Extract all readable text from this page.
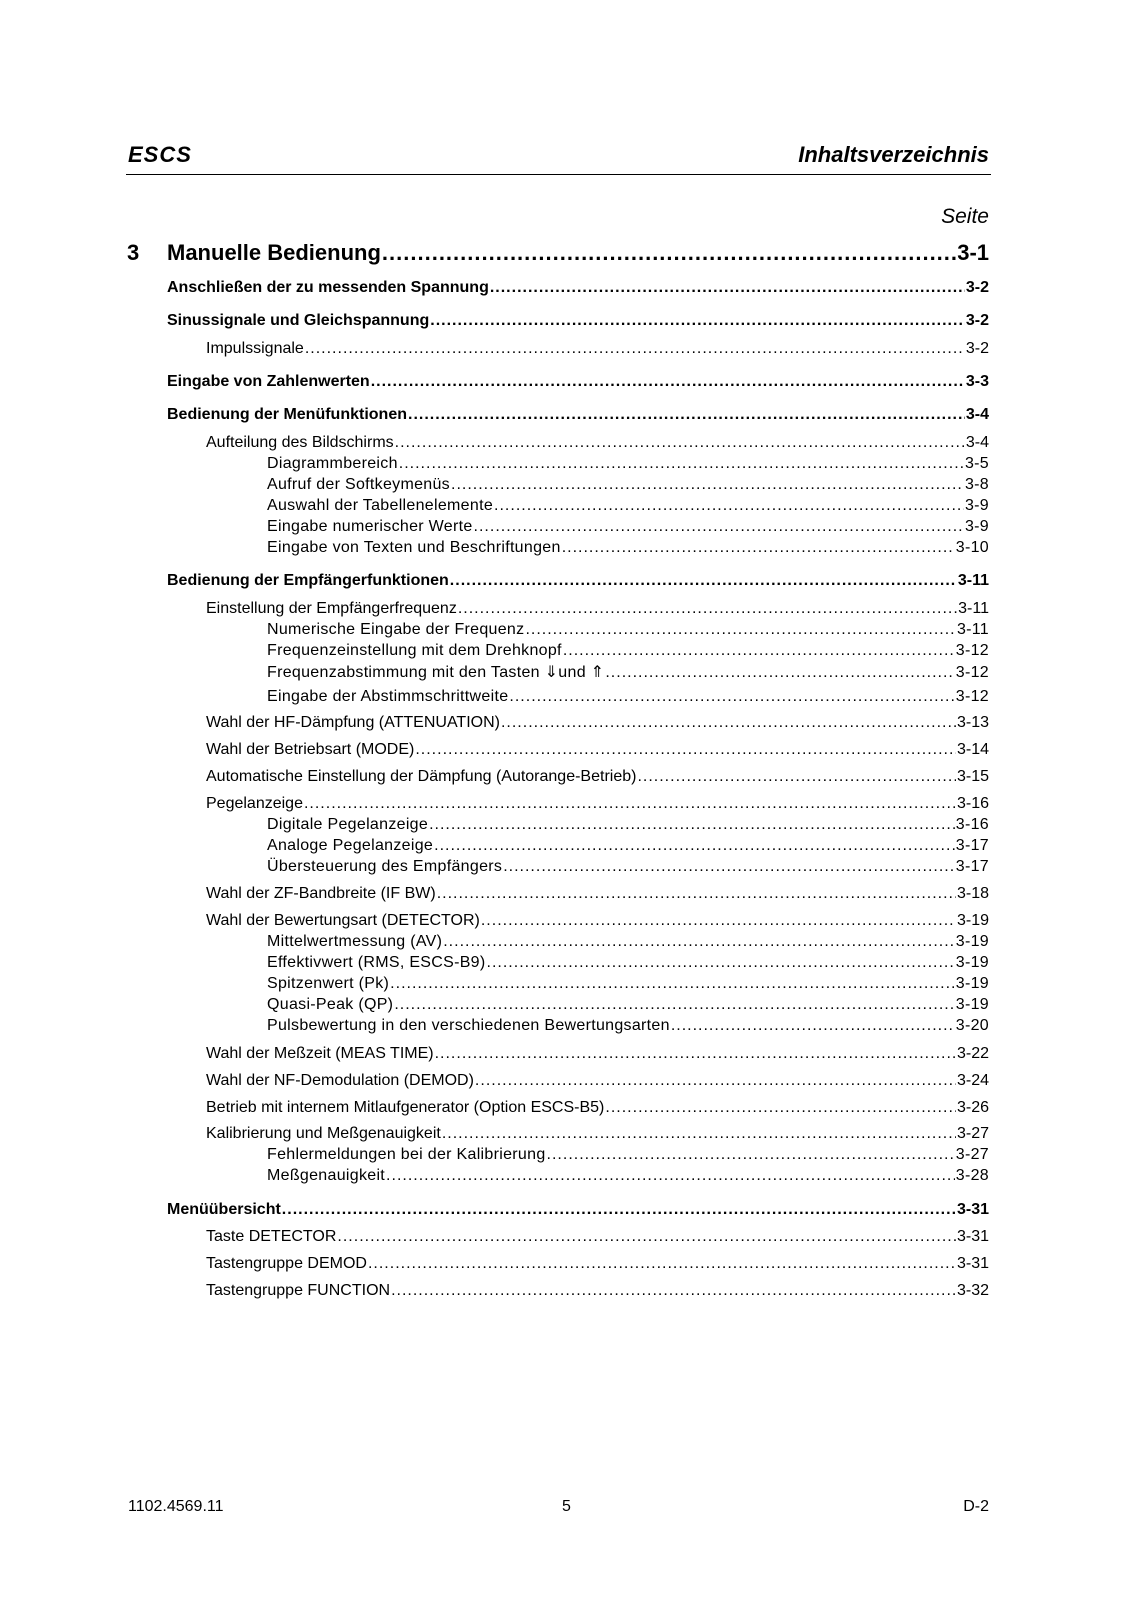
ESCS	Inhaltsverzeichnis
Seite
3 Manuelle Bedienung .....	3-1
Anschließen der zu messenden Spannung .....	3-2
Sinussignale und Gleichspannung .....	3-2
Impulssignale .....	3-2
Eingabe von Zahlenwerten .....	3-3
Bedienung der Menüfunktionen .....	3-4
Aufteilung des Bildschirms .....	3-4
Diagrammbereich .....	3-5
Aufruf der Softkeymenüs .....	3-8
Auswahl der Tabellenelemente .....	3-9
Eingabe numerischer Werte .....	3-9
Eingabe von Texten und Beschriftungen .....	3-10
Bedienung der Empfängerfunktionen .....	3-11
Einstellung der Empfängerfrequenz .....	3-11
Numerische Eingabe der Frequenz .....	3-11
Frequenzeinstellung mit dem Drehknopf .....	3-12
Frequenzabstimmung mit den Tasten ⇓und ⇑ .....	3-12
Eingabe der Abstimmschrittweite .....	3-12
Wahl der HF-Dämpfung (ATTENUATION) .....	3-13
Wahl der Betriebsart (MODE) .....	3-14
Automatische Einstellung der Dämpfung (Autorange-Betrieb) .....	3-15
Pegelanzeige .....	3-16
Digitale Pegelanzeige .....	3-16
Analoge Pegelanzeige .....	3-17
Übersteuerung des Empfängers .....	3-17
Wahl der ZF-Bandbreite (IF BW) .....	3-18
Wahl der Bewertungsart (DETECTOR) .....	3-19
Mittelwertmessung (AV) .....	3-19
Effektivwert (RMS, ESCS-B9) .....	3-19
Spitzenwert (Pk) .....	3-19
Quasi-Peak (QP) .....	3-19
Pulsbewertung in den verschiedenen Bewertungsarten .....	3-20
Wahl der Meßzeit (MEAS TIME) .....	3-22
Wahl der NF-Demodulation (DEMOD) .....	3-24
Betrieb mit internem Mitlaufgenerator (Option ESCS-B5) .....	3-26
Kalibrierung und Meßgenauigkeit .....	3-27
Fehlermeldungen bei der Kalibrierung .....	3-27
Meßgenauigkeit .....	3-28
Menüübersicht .....	3-31
Taste DETECTOR .....	3-31
Tastengruppe DEMOD .....	3-31
Tastengruppe FUNCTION .....	3-32
1102.4569.11	5	D-2
